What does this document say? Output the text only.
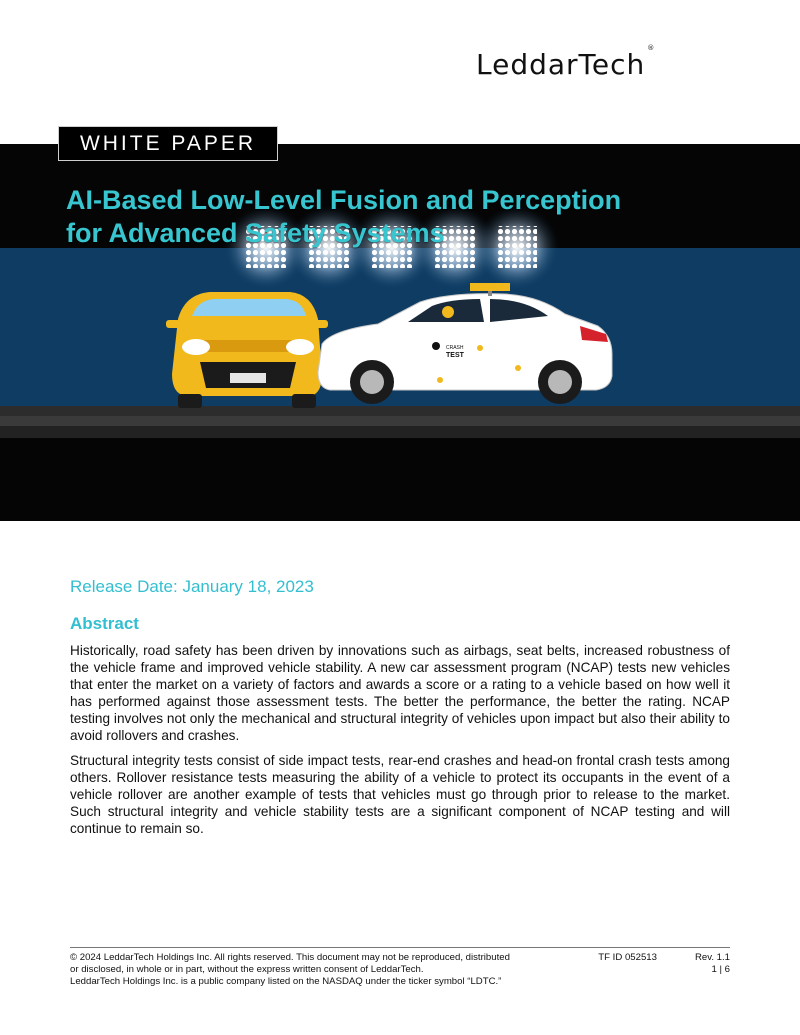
LeddarTech®
WHITE PAPER
CRASH
TEST
AI-Based Low-Level Fusion and Perception
for Advanced Safety Systems
Release Date: January 18, 2023
Abstract

Historically, road safety has been driven by innovations such as airbags, seat belts, increased robustness of the vehicle frame and improved vehicle stability. A new car assessment program (NCAP) tests new vehicles that enter the market on a variety of factors and awards a score or a rating to a vehicle based on how well it has performed against those assessment tests. The better the performance, the better the rating. NCAP testing involves not only the mechanical and structural integrity of vehicles upon impact but also their ability to avoid rollovers and crashes.

Structural integrity tests consist of side impact tests, rear-end crashes and head-on frontal crash tests among others. Rollover resistance tests measuring the ability of a vehicle to protect its occupants in the event of a vehicle rollover are another example of tests that vehicles must go through prior to release to the market. Such structural integrity and vehicle stability tests are a significant component of NCAP testing and will continue to remain so.

© 2024 LeddarTech Holdings Inc. All rights reserved. This document may not be reproduced, distributed	TF ID 052513	Rev. 1.1
or disclosed, in whole or in part, without the express written consent of LeddarTech.	1 | 6
LeddarTech Holdings Inc. is a public company listed on the NASDAQ under the ticker symbol “LDTC.”
